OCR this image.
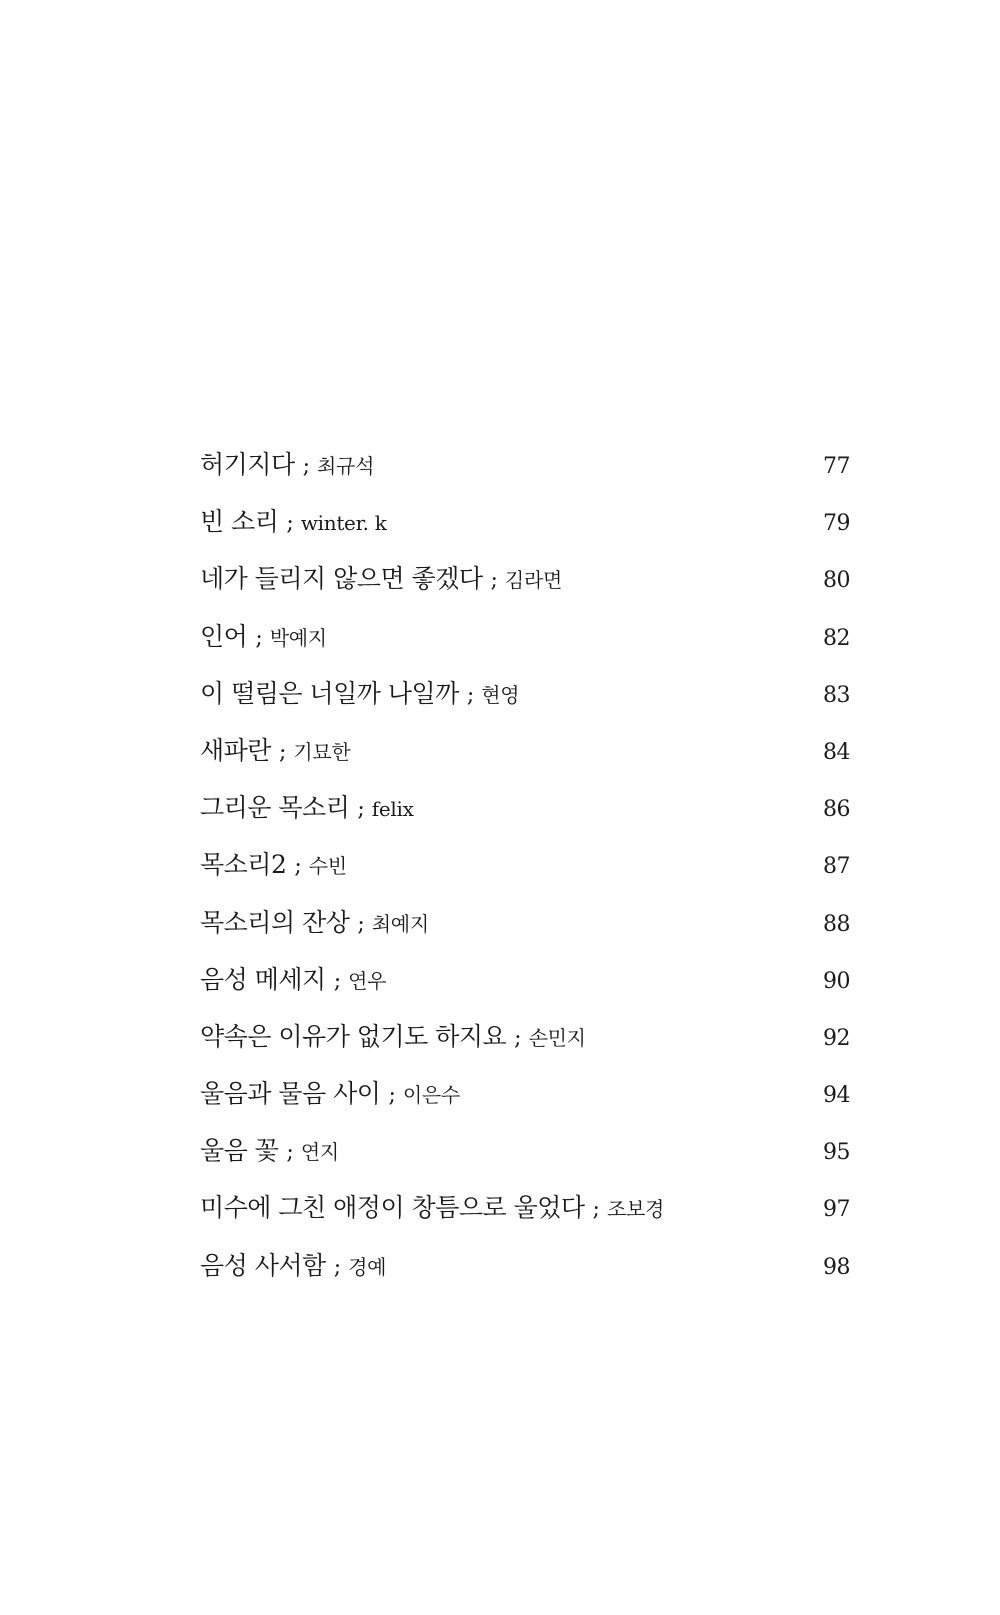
허기지다 ; 최규석	77
빈 소리 ; winter. k	79
네가 들리지 않으면 좋겠다 ; 김라면	80
인어 ; 박예지	82
이 떨림은 너일까 나일까 ; 현영	83
새파란 ; 기묘한	84
그리운 목소리 ; felix	86
목소리2 ; 수빈	87
목소리의 잔상 ; 최예지	88
음성 메세지 ; 연우	90
약속은 이유가 없기도 하지요 ; 손민지	92
울음과 물음 사이 ; 이은수	94
울음 꽃 ; 연지	95
미수에 그친 애정이 창틈으로 울었다 ; 조보경	97
음성 사서함 ; 경예	98
